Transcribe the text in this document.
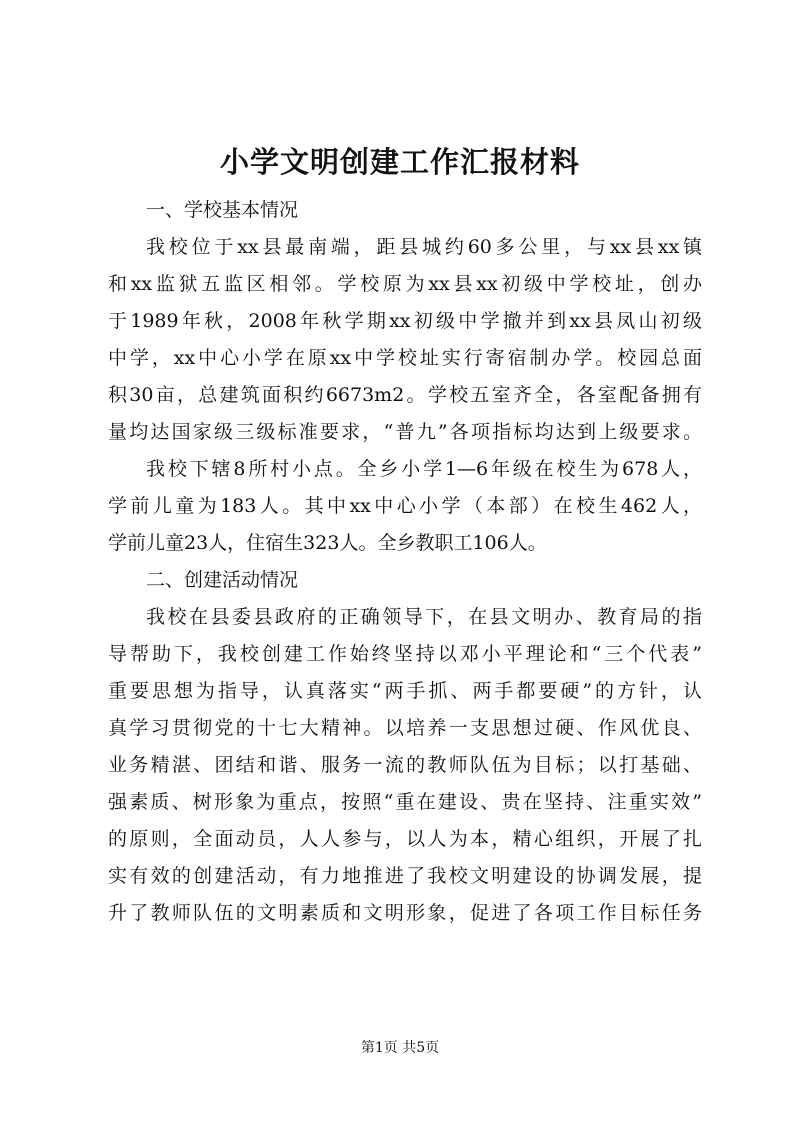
小学文明创建工作汇报材料
一、学校基本情况
我校位于xx县最南端，距县城约60多公里，与xx县xx镇
和xx监狱五监区相邻。学校原为xx县xx初级中学校址，创办
于1989年秋，2008年秋学期xx初级中学撤并到xx县凤山初级
中学，xx中心小学在原xx中学校址实行寄宿制办学。校园总面
积30亩，总建筑面积约6673m2。学校五室齐全，各室配备拥有
量均达国家级三级标准要求，“普九”各项指标均达到上级要求。
我校下辖8所村小点。全乡小学1—6年级在校生为678人，
学前儿童为183人。其中xx中心小学（本部）在校生462人，
学前儿童23人，住宿生323人。全乡教职工106人。
二、创建活动情况
我校在县委县政府的正确领导下，在县文明办、教育局的指
导帮助下，我校创建工作始终坚持以邓小平理论和“三个代表”
重要思想为指导，认真落实“两手抓、两手都要硬”的方针，认
真学习贯彻党的十七大精神。以培养一支思想过硬、作风优良、
业务精湛、团结和谐、服务一流的教师队伍为目标；以打基础、
强素质、树形象为重点，按照“重在建设、贵在坚持、注重实效”
的原则，全面动员，人人参与，以人为本，精心组织，开展了扎
实有效的创建活动，有力地推进了我校文明建设的协调发展，提
升了教师队伍的文明素质和文明形象，促进了各项工作目标任务
第1页 共5页
